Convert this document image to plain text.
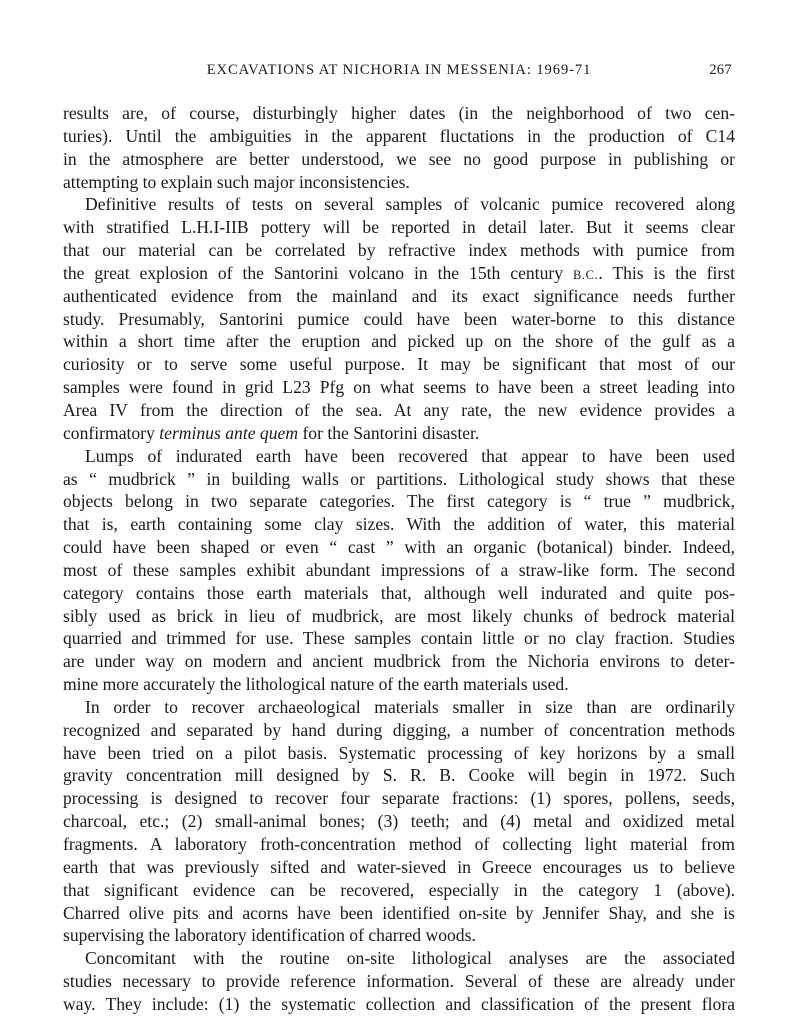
EXCAVATIONS AT NICHORIA IN MESSENIA: 1969-71	267
results are, of course, disturbingly higher dates (in the neighborhood of two cen-
turies). Until the ambiguities in the apparent fluctations in the production of C14
in the atmosphere are better understood, we see no good purpose in publishing or
attempting to explain such major inconsistencies.
Definitive results of tests on several samples of volcanic pumice recovered along
with stratified L.H.I-IIB pottery will be reported in detail later. But it seems clear
that our material can be correlated by refractive index methods with pumice from
the great explosion of the Santorini volcano in the 15th century B.C.. This is the first
authenticated evidence from the mainland and its exact significance needs further
study. Presumably, Santorini pumice could have been water-borne to this distance
within a short time after the eruption and picked up on the shore of the gulf as a
curiosity or to serve some useful purpose. It may be significant that most of our
samples were found in grid L23 Pfg on what seems to have been a street leading into
Area IV from the direction of the sea. At any rate, the new evidence provides a
confirmatory terminus ante quem for the Santorini disaster.
Lumps of indurated earth have been recovered that appear to have been used
as “ mudbrick ” in building walls or partitions. Lithological study shows that these
objects belong in two separate categories. The first category is “ true ” mudbrick,
that is, earth containing some clay sizes. With the addition of water, this material
could have been shaped or even “ cast ” with an organic (botanical) binder. Indeed,
most of these samples exhibit abundant impressions of a straw-like form. The second
category contains those earth materials that, although well indurated and quite pos-
sibly used as brick in lieu of mudbrick, are most likely chunks of bedrock material
quarried and trimmed for use. These samples contain little or no clay fraction. Studies
are under way on modern and ancient mudbrick from the Nichoria environs to deter-
mine more accurately the lithological nature of the earth materials used.
In order to recover archaeological materials smaller in size than are ordinarily
recognized and separated by hand during digging, a number of concentration methods
have been tried on a pilot basis. Systematic processing of key horizons by a small
gravity concentration mill designed by S. R. B. Cooke will begin in 1972. Such
processing is designed to recover four separate fractions: (1) spores, pollens, seeds,
charcoal, etc.; (2) small-animal bones; (3) teeth; and (4) metal and oxidized metal
fragments. A laboratory froth-concentration method of collecting light material from
earth that was previously sifted and water-sieved in Greece encourages us to believe
that significant evidence can be recovered, especially in the category 1 (above).
Charred olive pits and acorns have been identified on-site by Jennifer Shay, and she is
supervising the laboratory identification of charred woods.
Concomitant with the routine on-site lithological analyses are the associated
studies necessary to provide reference information. Several of these are already under
way. They include: (1) the systematic collection and classification of the present flora
